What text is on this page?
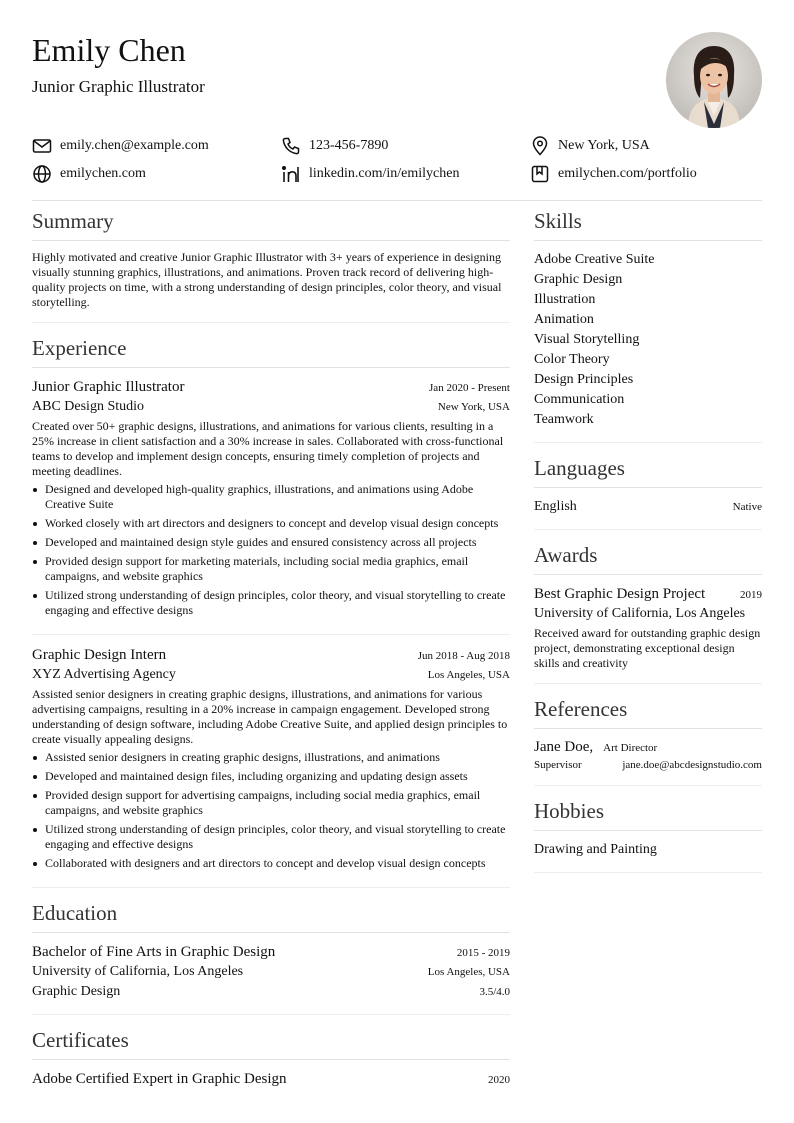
Emily Chen
Junior Graphic Illustrator
emily.chen@example.com	123-456-7890	New York, USA
emilychen.com	linkedin.com/in/emilychen	emilychen.com/portfolio
Summary

Highly motivated and creative Junior Graphic Illustrator with 3+ years of experience in designing visually stunning graphics, illustrations, and animations. Proven track record of delivering high-quality projects on time, with a strong understanding of design principles, color theory, and visual storytelling.

Experience
Junior Graphic Illustrator	Jan 2020 - Present
ABC Design Studio	New York, USA

Created over 50+ graphic designs, illustrations, and animations for various clients, resulting in a 25% increase in client satisfaction and a 30% increase in sales. Collaborated with cross-functional teams to develop and implement design concepts, ensuring timely completion of projects and meeting deadlines.

Designed and developed high-quality graphics, illustrations, and animations using Adobe Creative Suite
Worked closely with art directors and designers to concept and develop visual design concepts
Developed and maintained design style guides and ensured consistency across all projects
Provided design support for marketing materials, including social media graphics, email campaigns, and website graphics
Utilized strong understanding of design principles, color theory, and visual storytelling to create engaging and effective designs
Graphic Design Intern	Jun 2018 - Aug 2018
XYZ Advertising Agency	Los Angeles, USA

Assisted senior designers in creating graphic designs, illustrations, and animations for various advertising campaigns, resulting in a 20% increase in campaign engagement. Developed strong understanding of design software, including Adobe Creative Suite, and applied design principles to create visually appealing designs.

Assisted senior designers in creating graphic designs, illustrations, and animations
Developed and maintained design files, including organizing and updating design assets
Provided design support for advertising campaigns, including social media graphics, email campaigns, and website graphics
Utilized strong understanding of design principles, color theory, and visual storytelling to create engaging and effective designs
Collaborated with designers and art directors to concept and develop visual design concepts
Education
Bachelor of Fine Arts in Graphic Design	2015 - 2019
University of California, Los Angeles	Los Angeles, USA
Graphic Design	3.5/4.0
Certificates
Adobe Certified Expert in Graphic Design	2020
Skills
Adobe Creative Suite
Graphic Design
Illustration
Animation
Visual Storytelling
Color Theory
Design Principles
Communication
Teamwork
Languages
English	Native
Awards
Best Graphic Design Project	2019
University of California, Los Angeles

Received award for outstanding graphic design project, demonstrating exceptional design skills and creativity

References
Jane Doe, Art Director
Supervisor	jane.doe@abcdesignstudio.com
Hobbies
Drawing and Painting
